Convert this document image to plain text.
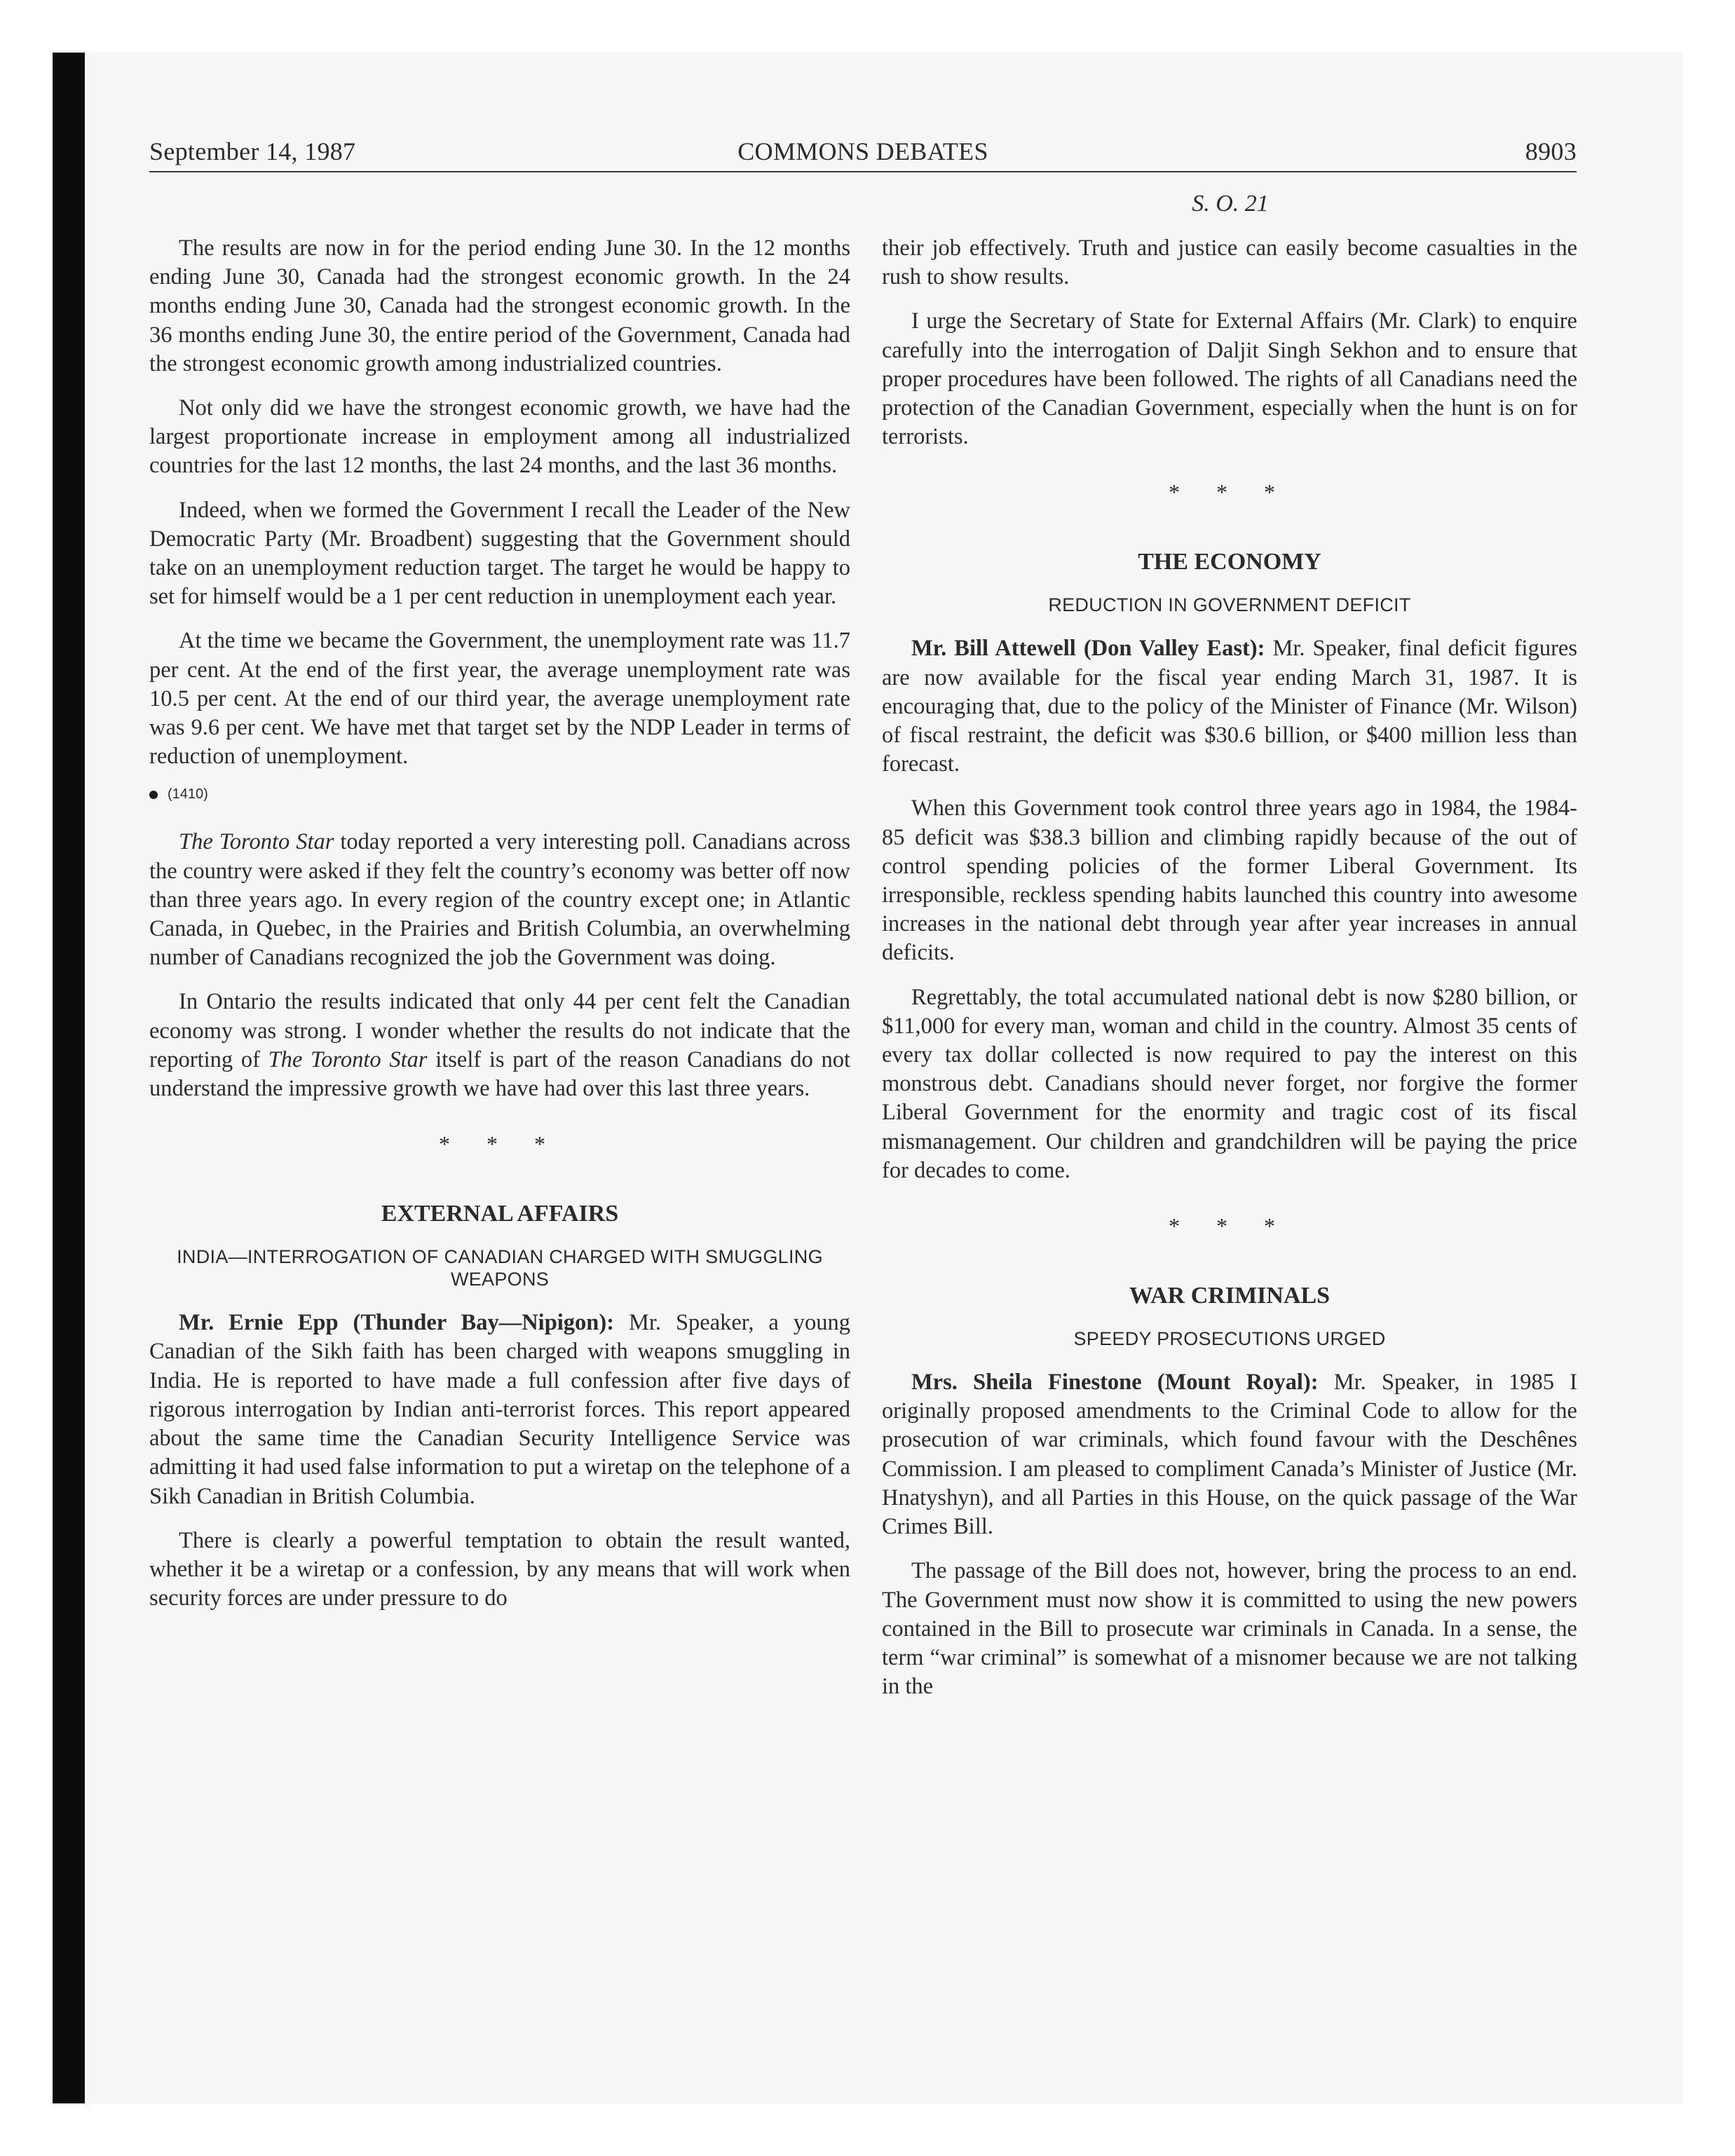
September 14, 1987	COMMONS DEBATES	8903
S. O. 21

The results are now in for the period ending June 30. In the 12 months ending June 30, Canada had the strongest economic growth. In the 24 months ending June 30, Canada had the strongest economic growth. In the 36 months ending June 30, the entire period of the Government, Canada had the strongest economic growth among industrialized countries.

Not only did we have the strongest economic growth, we have had the largest proportionate increase in employment among all industrialized countries for the last 12 months, the last 24 months, and the last 36 months.

Indeed, when we formed the Government I recall the Leader of the New Democratic Party (Mr. Broadbent) suggesting that the Government should take on an unemployment reduction target. The target he would be happy to set for himself would be a 1 per cent reduction in unemployment each year.

At the time we became the Government, the unemployment rate was 11.7 per cent. At the end of the first year, the average unemployment rate was 10.5 per cent. At the end of our third year, the average unemployment rate was 9.6 per cent. We have met that target set by the NDP Leader in terms of reduction of unemployment.

(1410)

The Toronto Star today reported a very interesting poll. Canadians across the country were asked if they felt the country’s economy was better off now than three years ago. In every region of the country except one; in Atlantic Canada, in Quebec, in the Prairies and British Columbia, an overwhelming number of Canadians recognized the job the Government was doing.

In Ontario the results indicated that only 44 per cent felt the Canadian economy was strong. I wonder whether the results do not indicate that the reporting of The Toronto Star itself is part of the reason Canadians do not understand the impressive growth we have had over this last three years.

* * *
EXTERNAL AFFAIRS
INDIA—INTERROGATION OF CANADIAN CHARGED WITH SMUGGLING WEAPONS

Mr. Ernie Epp (Thunder Bay—Nipigon): Mr. Speaker, a young Canadian of the Sikh faith has been charged with weapons smuggling in India. He is reported to have made a full confession after five days of rigorous interrogation by Indian anti-terrorist forces. This report appeared about the same time the Canadian Security Intelligence Service was admitting it had used false information to put a wiretap on the telephone of a Sikh Canadian in British Columbia.

There is clearly a powerful temptation to obtain the result wanted, whether it be a wiretap or a confession, by any means that will work when security forces are under pressure to do

their job effectively. Truth and justice can easily become casualties in the rush to show results.

I urge the Secretary of State for External Affairs (Mr. Clark) to enquire carefully into the interrogation of Daljit Singh Sekhon and to ensure that proper procedures have been followed. The rights of all Canadians need the protection of the Canadian Government, especially when the hunt is on for terrorists.

* * *
THE ECONOMY
REDUCTION IN GOVERNMENT DEFICIT

Mr. Bill Attewell (Don Valley East): Mr. Speaker, final deficit figures are now available for the fiscal year ending March 31, 1987. It is encouraging that, due to the policy of the Minister of Finance (Mr. Wilson) of fiscal restraint, the deficit was $30.6 billion, or $400 million less than forecast.

When this Government took control three years ago in 1984, the 1984-85 deficit was $38.3 billion and climbing rapidly because of the out of control spending policies of the former Liberal Government. Its irresponsible, reckless spending habits launched this country into awesome increases in the national debt through year after year increases in annual deficits.

Regrettably, the total accumulated national debt is now $280 billion, or $11,000 for every man, woman and child in the country. Almost 35 cents of every tax dollar collected is now required to pay the interest on this monstrous debt. Canadians should never forget, nor forgive the former Liberal Government for the enormity and tragic cost of its fiscal mismanagement. Our children and grandchildren will be paying the price for decades to come.

* * *
WAR CRIMINALS
SPEEDY PROSECUTIONS URGED

Mrs. Sheila Finestone (Mount Royal): Mr. Speaker, in 1985 I originally proposed amendments to the Criminal Code to allow for the prosecution of war criminals, which found favour with the Deschênes Commission. I am pleased to compliment Canada’s Minister of Justice (Mr. Hnatyshyn), and all Parties in this House, on the quick passage of the War Crimes Bill.

The passage of the Bill does not, however, bring the process to an end. The Government must now show it is committed to using the new powers contained in the Bill to prosecute war criminals in Canada. In a sense, the term “war criminal” is somewhat of a misnomer because we are not talking in the
